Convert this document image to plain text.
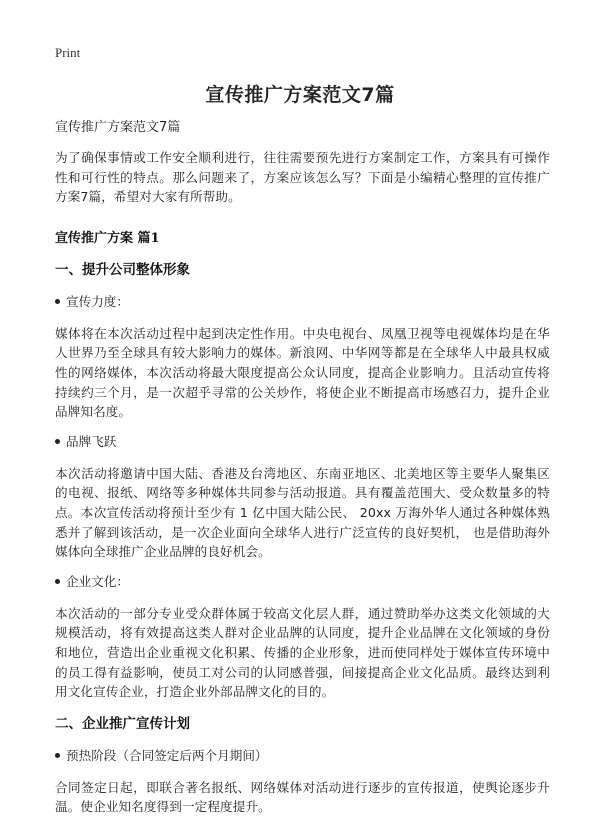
Print
宣传推广方案范文7篇
宣传推广方案范文7篇

为了确保事情或工作安全顺利进行，往往需要预先进行方案制定工作，方案具有可操作性和可行性的特点。那么问题来了，方案应该怎么写？下面是小编精心整理的宣传推广方案7篇，希望对大家有所帮助。

宣传推广方案 篇1
一、提升公司整体形象
宣传力度：

媒体将在本次活动过程中起到决定性作用。中央电视台、凤凰卫视等电视媒体均是在华人世界乃至全球具有较大影响力的媒体。新浪网、中华网等都是在全球华人中最具权威性的网络媒体，本次活动将最大限度提高公众认同度，提高企业影响力。且活动宣传将持续约三个月，是一次超乎寻常的公关炒作，将使企业不断提高市场感召力，提升企业品牌知名度。

品牌飞跃

本次活动将邀请中国大陆、香港及台湾地区、东南亚地区、北美地区等主要华人聚集区的电视、报纸、网络等多种媒体共同参与活动报道。具有覆盖范围大、受众数量多的特点。本次宣传活动将预计至少有 1 亿中国大陆公民、 20xx 万海外华人通过各种媒体熟悉并了解到该活动，是一次企业面向全球华人进行广泛宣传的良好契机， 也是借助海外媒体向全球推广企业品牌的良好机会。

企业文化：

本次活动的一部分专业受众群体属于较高文化层人群，通过赞助举办这类文化领域的大规模活动，将有效提高这类人群对企业品牌的认同度，提升企业品牌在文化领域的身份和地位，营造出企业重视文化积累、传播的企业形象，进而使同样处于媒体宣传环境中的员工得有益影响，使员工对公司的认同感普强，间接提高企业文化品质。最终达到利用文化宣传企业，打造企业外部品牌文化的目的。

二、企业推广宣传计划
预热阶段（合同签定后两个月期间）

合同签定日起，即联合著名报纸、网络媒体对活动进行逐步的宣传报道，使舆论逐步升温。使企业知名度得到一定程度提升。
